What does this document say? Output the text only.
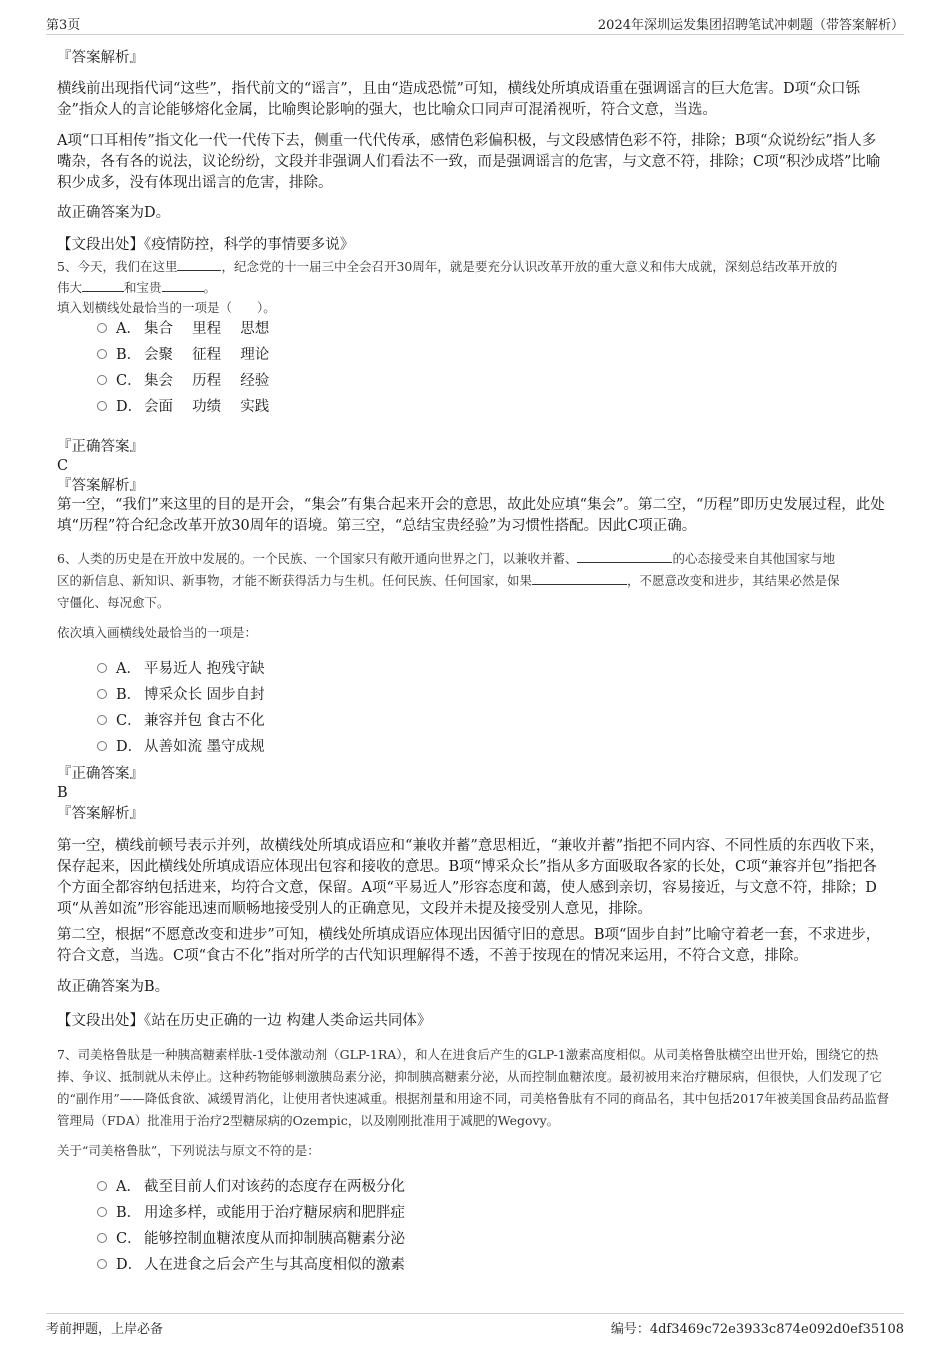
第3页	2024年深圳运发集团招聘笔试冲刺题（带答案解析）
『答案解析』
横线前出现指代词“这些”，指代前文的“谣言”，且由“造成恐慌”可知，横线处所填成语重在强调谣言的巨大危害。D项“众口铄金”指众人的言论能够熔化金属，比喻舆论影响的强大，也比喻众口同声可混淆视听，符合文意，当选。
A项“口耳相传”指文化一代一代传下去，侧重一代代传承，感情色彩偏积极，与文段感情色彩不符，排除；B项“众说纷纭”指人多嘴杂，各有各的说法，议论纷纷，文段并非强调人们看法不一致，而是强调谣言的危害，与文意不符，排除；C项“积沙成塔”比喻积少成多，没有体现出谣言的危害，排除。
故正确答案为D。
【文段出处】《疫情防控，科学的事情要多说》
5、今天，我们在这里	，纪念党的十一届三中全会召开30周年，就是要充分认识改革开放的重大意义和伟大成就，深刻总结改革开放的
伟大	和宝贵	。
填入划横线处最恰当的一项是（　　）。
A． 集合　 里程　 思想
B． 会聚　 征程　 理论
C． 集会　 历程　 经验
D． 会面　 功绩　 实践
『正确答案』
C
『答案解析』
第一空，“我们”来这里的目的是开会，“集会”有集合起来开会的意思，故此处应填“集会”。第二空，“历程”即历史发展过程，此处填“历程”符合纪念改革开放30周年的语境。第三空，“总结宝贵经验”为习惯性搭配。因此C项正确。
6、人类的历史是在开放中发展的。一个民族、一个国家只有敞开通向世界之门，以兼收并蓄、	的心态接受来自其他国家与地
区的新信息、新知识、新事物，才能不断获得活力与生机。任何民族、任何国家，如果	，不愿意改变和进步，其结果必然是保
守僵化、每况愈下。
依次填入画横线处最恰当的一项是：
A． 平易近人 抱残守缺
B． 博采众长 固步自封
C． 兼容并包 食古不化
D． 从善如流 墨守成规
『正确答案』
B
『答案解析』
第一空，横线前顿号表示并列，故横线处所填成语应和“兼收并蓄”意思相近，“兼收并蓄”指把不同内容、不同性质的东西收下来，保存起来，因此横线处所填成语应体现出包容和接收的意思。B项“博采众长”指从多方面吸取各家的长处，C项“兼容并包”指把各个方面全都容纳包括进来，均符合文意，保留。A项“平易近人”形容态度和蔼，使人感到亲切，容易接近，与文意不符，排除；D项“从善如流”形容能迅速而顺畅地接受别人的正确意见，文段并未提及接受别人意见，排除。
第二空，根据“不愿意改变和进步”可知，横线处所填成语应体现出因循守旧的意思。B项“固步自封”比喻守着老一套，不求进步，符合文意，当选。C项“食古不化”指对所学的古代知识理解得不透，不善于按现在的情况来运用，不符合文意，排除。
故正确答案为B。
【文段出处】《站在历史正确的一边 构建人类命运共同体》
7、司美格鲁肽是一种胰高糖素样肽-1受体激动剂（GLP-1RA），和人在进食后产生的GLP-1激素高度相似。从司美格鲁肽横空出世开始，围绕它的热捧、争议、抵制就从未停止。这种药物能够刺激胰岛素分泌，抑制胰高糖素分泌，从而控制血糖浓度。最初被用来治疗糖尿病，但很快，人们发现了它的“副作用”——降低食欲、减缓胃消化，让使用者快速减重。根据剂量和用途不同，司美格鲁肽有不同的商品名，其中包括2017年被美国食品药品监督管理局（FDA）批准用于治疗2型糖尿病的Ozempic，以及刚刚批准用于减肥的Wegovy。
关于“司美格鲁肽”，下列说法与原文不符的是：
A． 截至目前人们对该药的态度存在两极分化
B． 用途多样，或能用于治疗糖尿病和肥胖症
C． 能够控制血糖浓度从而抑制胰高糖素分泌
D． 人在进食之后会产生与其高度相似的激素
考前押题，上岸必备	编号：4df3469c72e3933c874e092d0ef35108
